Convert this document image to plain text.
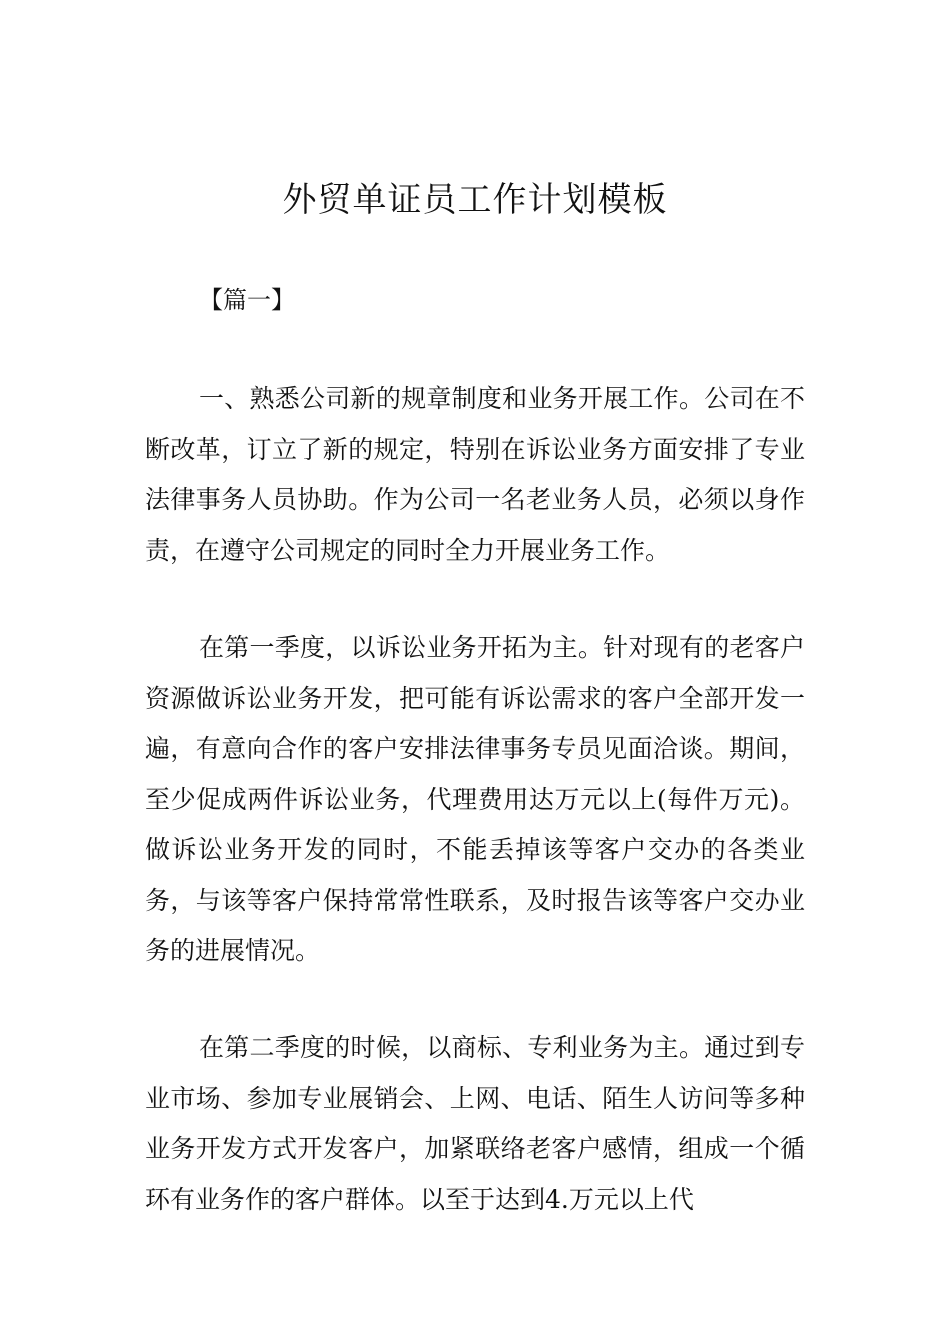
外贸单证员工作计划模板

【篇一】

一、熟悉公司新的规章制度和业务开展工作。公司在不断改革，订立了新的规定，特别在诉讼业务方面安排了专业法律事务人员协助。作为公司一名老业务人员，必须以身作责，在遵守公司规定的同时全力开展业务工作。

在第一季度，以诉讼业务开拓为主。针对现有的老客户资源做诉讼业务开发，把可能有诉讼需求的客户全部开发一遍，有意向合作的客户安排法律事务专员见面洽谈。期间，至少促成两件诉讼业务，代理费用达万元以上(每件万元)。做诉讼业务开发的同时，不能丢掉该等客户交办的各类业务，与该等客户保持常常性联系，及时报告该等客户交办业务的进展情况。

在第二季度的时候，以商标、专利业务为主。通过到专业市场、参加专业展销会、上网、电话、陌生人访问等多种业务开发方式开发客户，加紧联络老客户感情，组成一个循环有业务作的客户群体。以至于达到4.万元以上代
